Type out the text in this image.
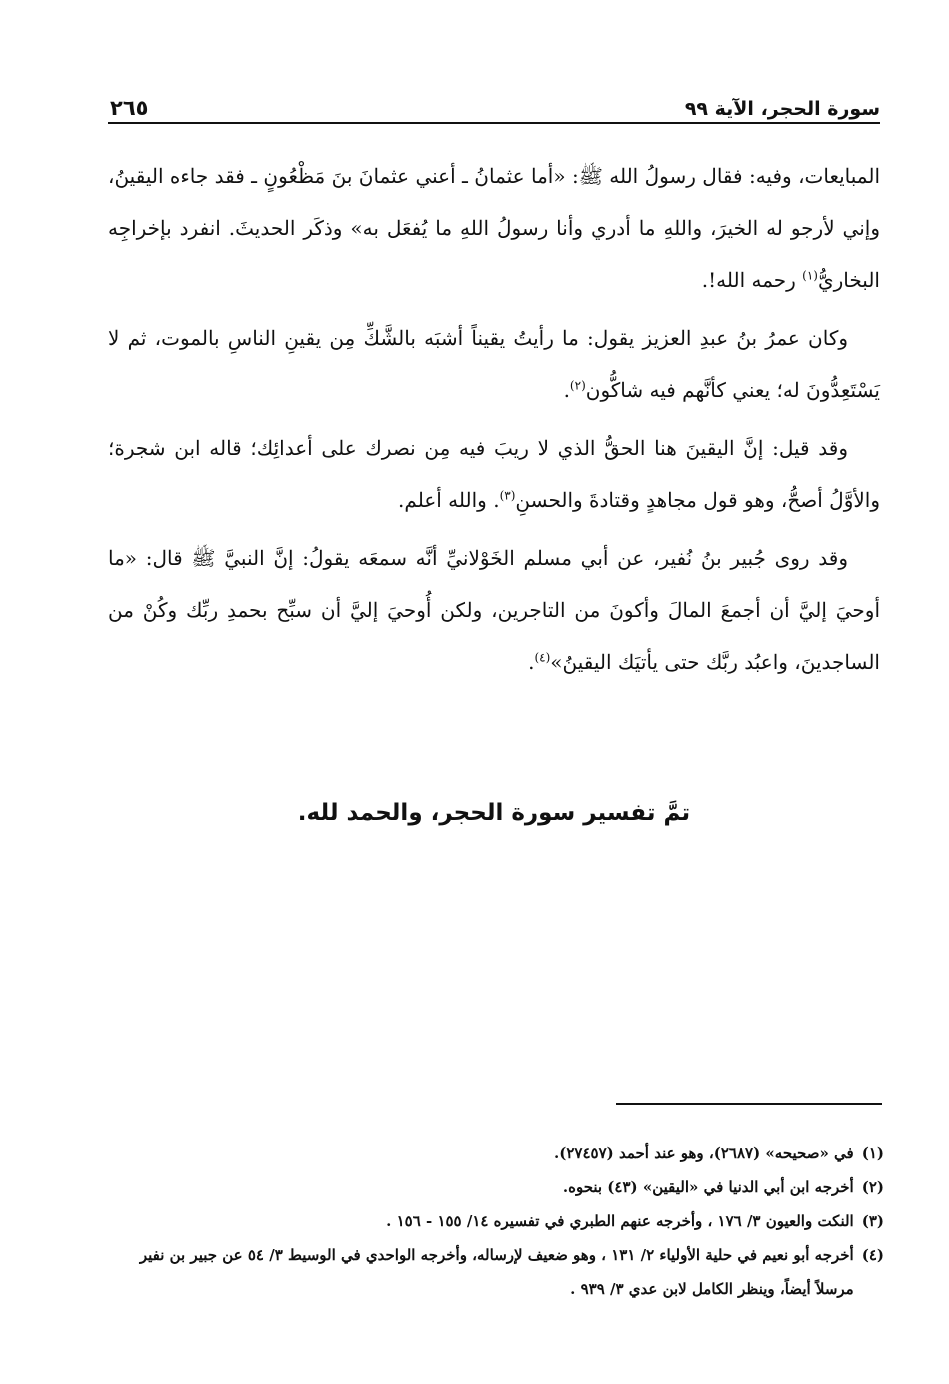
سورة الحجر، الآية ٩٩
٢٦٥

المبايعات، وفيه: فقال رسولُ الله ﷺ: «أما عثمانُ ـ أعني عثمانَ بنَ مَظْعُونٍ ـ فقد جاءه اليقينُ، وإني لأرجو له الخيرَ، واللهِ ما أدري وأنا رسولُ اللهِ ما يُفعَل به» وذكَر الحديثَ. انفرد بإخراجِه البخاريُّ$^{(١)}$ رحمه الله!.

وكان عمرُ بنُ عبدِ العزيز يقول: ما رأيتُ يقيناً أشبَه بالشَّكِّ مِن يقينِ الناسِ بالموت، ثم لا يَسْتَعِدُّونَ له؛ يعني كأنَّهم فيه شاكُّون$^{(٢)}$.

وقد قيل: إنَّ اليقينَ هنا الحقُّ الذي لا ريبَ فيه مِن نصرك على أعدائِك؛ قاله ابن شجرة؛ والأوَّلُ أصحُّ، وهو قول مجاهدٍ وقتادةَ والحسنِ$^{(٣)}$. والله أعلم.

وقد روى جُبير بنُ نُفير، عن أبي مسلم الخَوْلانيِّ أنَّه سمعَه يقولُ: إنَّ النبيَّ ﷺ قال: «ما أوحيَ إليَّ أن أجمعَ المالَ وأكونَ من التاجرين، ولكن أُوحيَ إليَّ أن سبِّح بحمدِ ربِّك وكُنْ من الساجدينَ، واعبُد ربَّك حتى يأتيَك اليقينُ»$^{(٤)}$.

تمَّ تفسير سورة الحجر، والحمد لله.
(١)
في «صحيحه» (٢٦٨٧)، وهو عند أحمد (٢٧٤٥٧).
(٢)
أخرجه ابن أبي الدنيا في «اليقين» (٤٣) بنحوه.
(٣)
النكت والعيون ٣/ ١٧٦ ، وأخرجه عنهم الطبري في تفسيره ١٤/ ١٥٥ - ١٥٦ .
(٤)
أخرجه أبو نعيم في حلية الأولياء ٢/ ١٣١ ، وهو ضعيف لإرساله، وأخرجه الواحدي في الوسيط ٣/ ٥٤ عن جبير بن نفير مرسلاً أيضاً، وينظر الكامل لابن عدي ٣/ ٩٣٩ .
